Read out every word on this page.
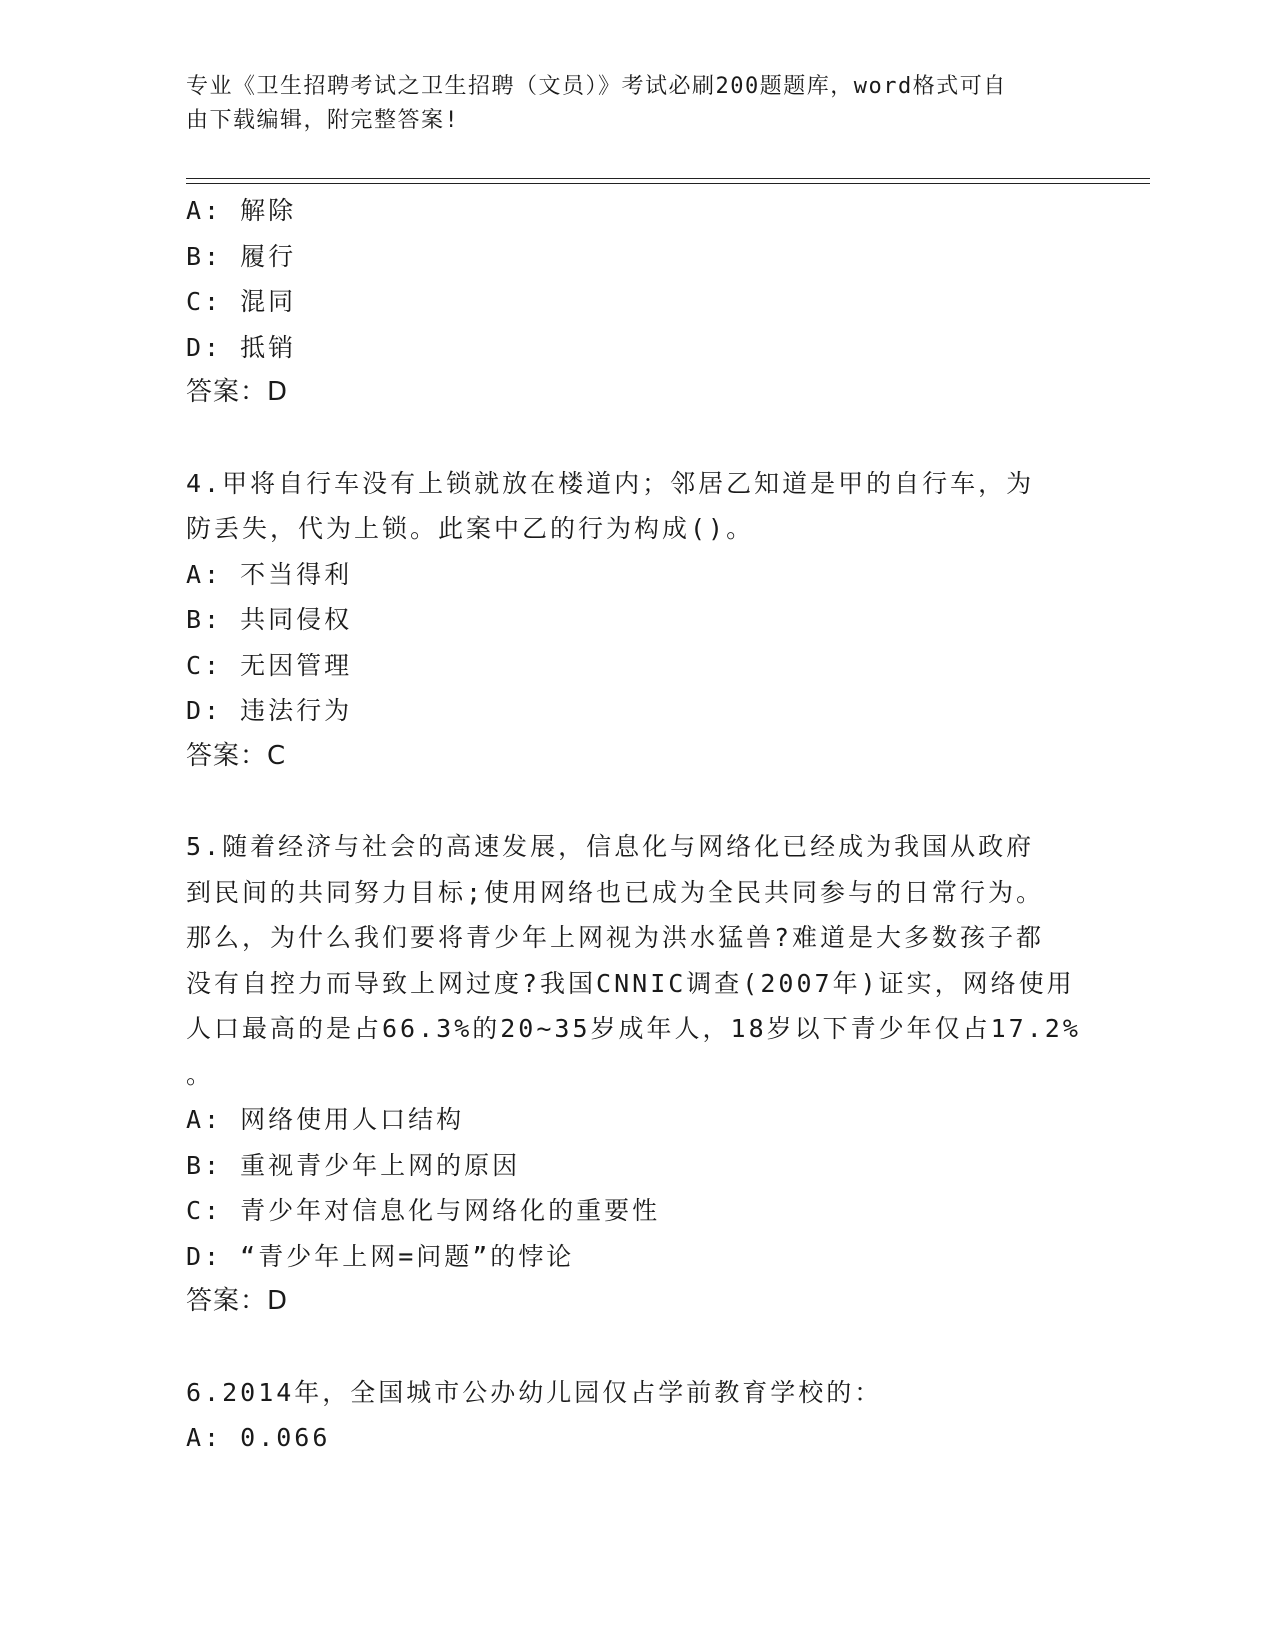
专业《卫生招聘考试之卫生招聘（文员）》考试必刷200题题库，word格式可自
由下载编辑，附完整答案!
A: 解除
B: 履行
C: 混同
D: 抵销
答案：D
4.甲将自行车没有上锁就放在楼道内；邻居乙知道是甲的自行车，为
防丢失，代为上锁。此案中乙的行为构成()。
A: 不当得利
B: 共同侵权
C: 无因管理
D: 违法行为
答案：C
5.随着经济与社会的高速发展，信息化与网络化已经成为我国从政府
到民间的共同努力目标;使用网络也已成为全民共同参与的日常行为。
那么，为什么我们要将青少年上网视为洪水猛兽?难道是大多数孩子都
没有自控力而导致上网过度?我国CNNIC调查(2007年)证实，网络使用
人口最高的是占66.3%的20~35岁成年人，18岁以下青少年仅占17.2%
。
A: 网络使用人口结构
B: 重视青少年上网的原因
C: 青少年对信息化与网络化的重要性
D: “青少年上网=问题”的悖论
答案：D
6.2014年，全国城市公办幼儿园仅占学前教育学校的：
A: 0.066
